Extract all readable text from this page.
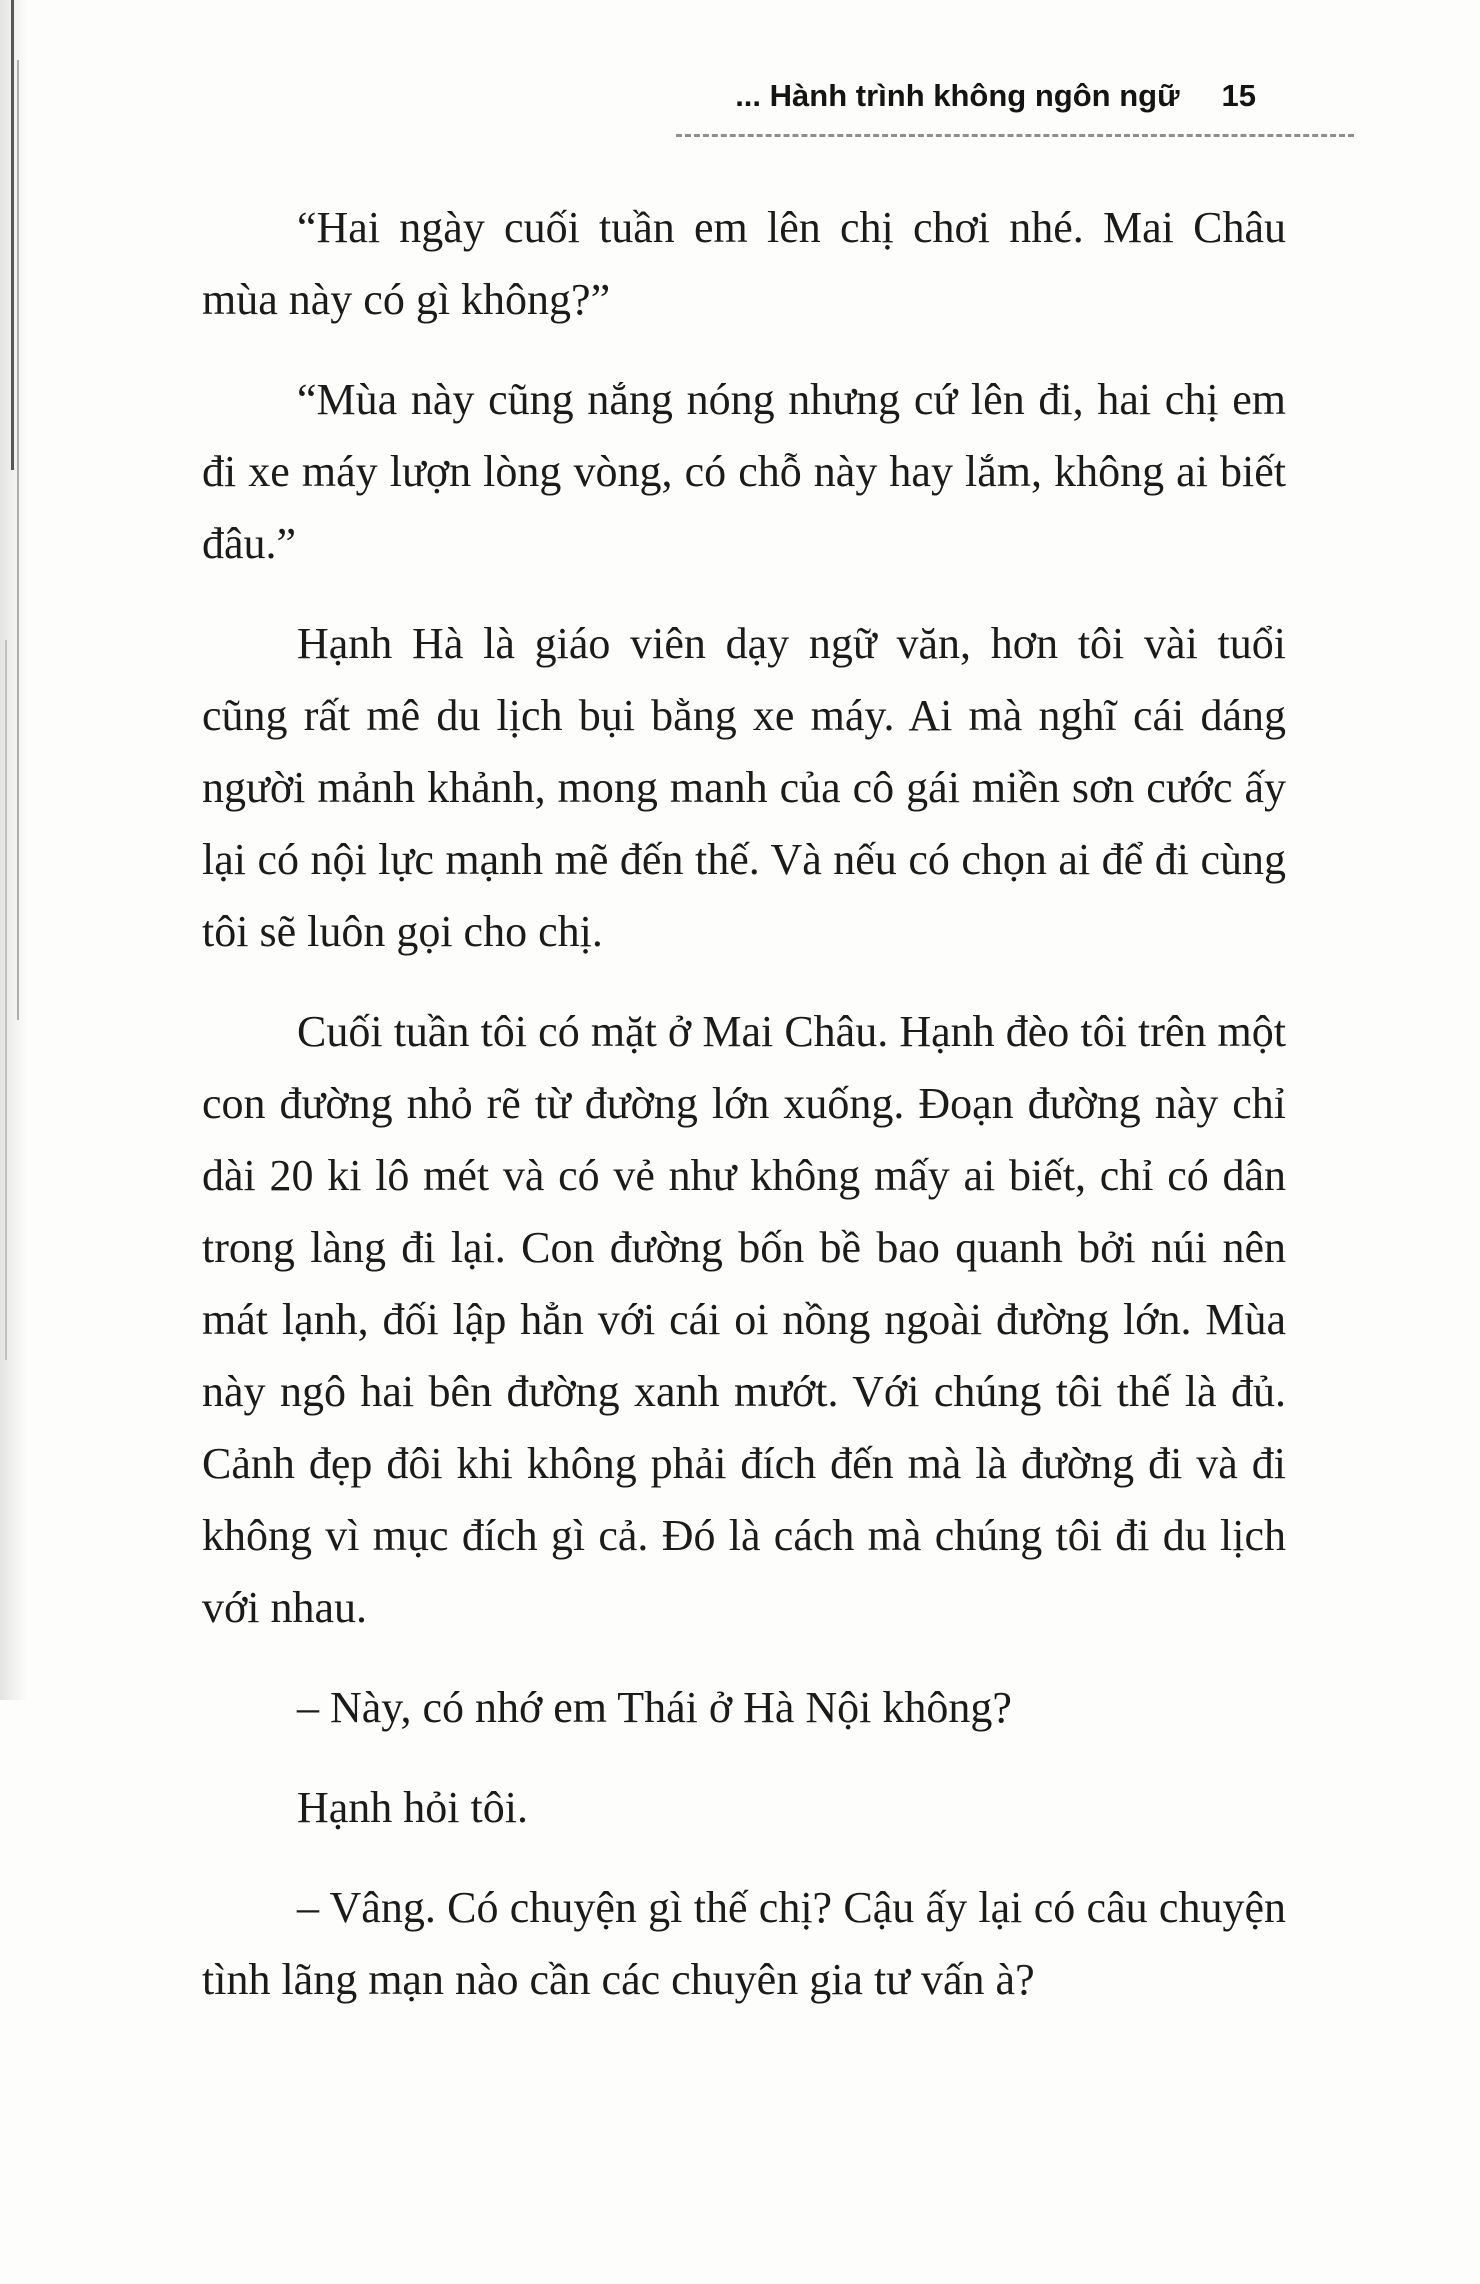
... Hành trình không ngôn ngữ 15

“Hai ngày cuối tuần em lên chị chơi nhé. Mai Châu mùa này có gì không?”

“Mùa này cũng nắng nóng nhưng cứ lên đi, hai chị em đi xe máy lượn lòng vòng, có chỗ này hay lắm, không ai biết đâu.”

Hạnh Hà là giáo viên dạy ngữ văn, hơn tôi vài tuổi cũng rất mê du lịch bụi bằng xe máy. Ai mà nghĩ cái dáng người mảnh khảnh, mong manh của cô gái miền sơn cước ấy lại có nội lực mạnh mẽ đến thế. Và nếu có chọn ai để đi cùng tôi sẽ luôn gọi cho chị.

Cuối tuần tôi có mặt ở Mai Châu. Hạnh đèo tôi trên một con đường nhỏ rẽ từ đường lớn xuống. Đoạn đường này chỉ dài 20 ki lô mét và có vẻ như không mấy ai biết, chỉ có dân trong làng đi lại. Con đường bốn bề bao quanh bởi núi nên mát lạnh, đối lập hẳn với cái oi nồng ngoài đường lớn. Mùa này ngô hai bên đường xanh mướt. Với chúng tôi thế là đủ. Cảnh đẹp đôi khi không phải đích đến mà là đường đi và đi không vì mục đích gì cả. Đó là cách mà chúng tôi đi du lịch với nhau.

– Này, có nhớ em Thái ở Hà Nội không?

Hạnh hỏi tôi.

– Vâng. Có chuyện gì thế chị? Cậu ấy lại có câu chuyện tình lãng mạn nào cần các chuyên gia tư vấn à?
